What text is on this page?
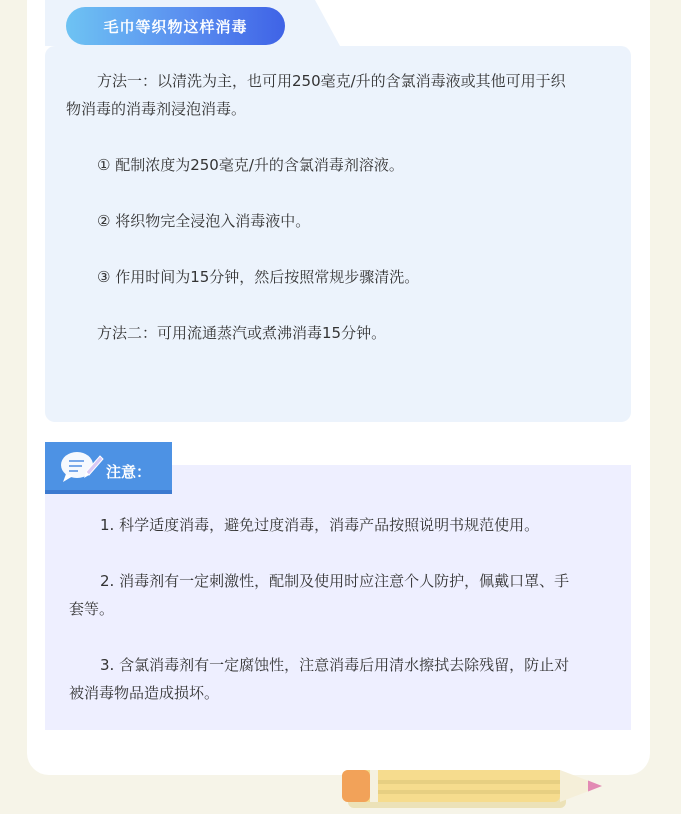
毛巾等织物这样消毒

方法一：以清洗为主，也可用250毫克/升的含氯消毒液或其他可用于织

物消毒的消毒剂浸泡消毒。

① 配制浓度为250毫克/升的含氯消毒剂溶液。

② 将织物完全浸泡入消毒液中。

③ 作用时间为15分钟，然后按照常规步骤清洗。

方法二：可用流通蒸汽或煮沸消毒15分钟。

注意：

1. 科学适度消毒，避免过度消毒，消毒产品按照说明书规范使用。

2. 消毒剂有一定刺激性，配制及使用时应注意个人防护，佩戴口罩、手

套等。

3. 含氯消毒剂有一定腐蚀性，注意消毒后用清水擦拭去除残留，防止对

被消毒物品造成损坏。
